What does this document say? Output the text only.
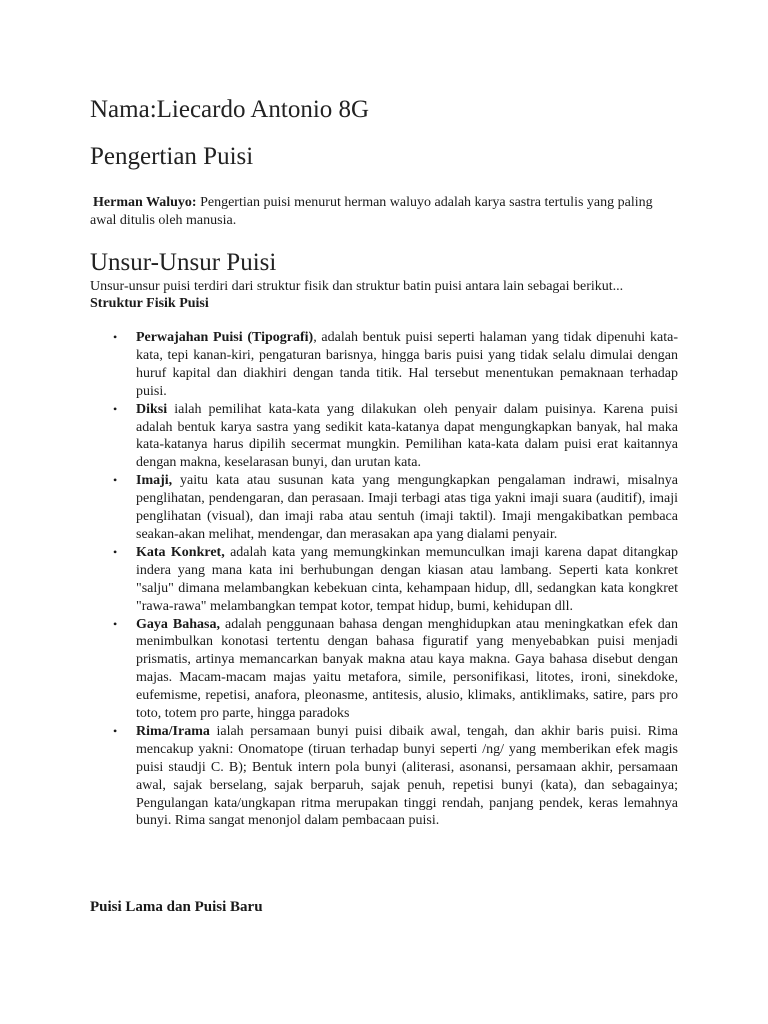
Nama:Liecardo Antonio 8G
Pengertian Puisi

Herman Waluyo: Pengertian puisi menurut herman waluyo adalah karya sastra tertulis yang paling awal ditulis oleh manusia.

Unsur-Unsur Puisi

Unsur-unsur puisi terdiri dari struktur fisik dan struktur batin puisi antara lain sebagai berikut...

Struktur Fisik Puisi

• Perwajahan Puisi (Tipografi), adalah bentuk puisi seperti halaman yang tidak dipenuhi kata-kata, tepi kanan-kiri, pengaturan barisnya, hingga baris puisi yang tidak selalu dimulai dengan huruf kapital dan diakhiri dengan tanda titik. Hal tersebut menentukan pemaknaan terhadap puisi.
• Diksi ialah pemilihat kata-kata yang dilakukan oleh penyair dalam puisinya. Karena puisi adalah bentuk karya sastra yang sedikit kata-katanya dapat mengungkapkan banyak, hal maka kata-katanya harus dipilih secermat mungkin. Pemilihan kata-kata dalam puisi erat kaitannya dengan makna, keselarasan bunyi, dan urutan kata.
• Imaji, yaitu kata atau susunan kata yang mengungkapkan pengalaman indrawi, misalnya penglihatan, pendengaran, dan perasaan. Imaji terbagi atas tiga yakni imaji suara (auditif), imaji penglihatan (visual), dan imaji raba atau sentuh (imaji taktil). Imaji mengakibatkan pembaca seakan-akan melihat, mendengar, dan merasakan apa yang dialami penyair.
• Kata Konkret, adalah kata yang memungkinkan memunculkan imaji karena dapat ditangkap indera yang mana kata ini berhubungan dengan kiasan atau lambang. Seperti kata konkret "salju" dimana melambangkan kebekuan cinta, kehampaan hidup, dll, sedangkan kata kongkret "rawa-rawa" melambangkan tempat kotor, tempat hidup, bumi, kehidupan dll.
• Gaya Bahasa, adalah penggunaan bahasa dengan menghidupkan atau meningkatkan efek dan menimbulkan konotasi tertentu dengan bahasa figuratif yang menyebabkan puisi menjadi prismatis, artinya memancarkan banyak makna atau kaya makna. Gaya bahasa disebut dengan majas. Macam-macam majas yaitu metafora, simile, personifikasi, litotes, ironi, sinekdoke, eufemisme, repetisi, anafora, pleonasme, antitesis, alusio, klimaks, antiklimaks, satire, pars pro toto, totem pro parte, hingga paradoks
• Rima/Irama ialah persamaan bunyi puisi dibaik awal, tengah, dan akhir baris puisi. Rima mencakup yakni: Onomatope (tiruan terhadap bunyi seperti /ng/ yang memberikan efek magis puisi staudji C. B); Bentuk intern pola bunyi (aliterasi, asonansi, persamaan akhir, persamaan awal, sajak berselang, sajak berparuh, sajak penuh, repetisi bunyi (kata), dan sebagainya; Pengulangan kata/ungkapan ritma merupakan tinggi rendah, panjang pendek, keras lemahnya bunyi. Rima sangat menonjol dalam pembacaan puisi.

Puisi Lama dan Puisi Baru
